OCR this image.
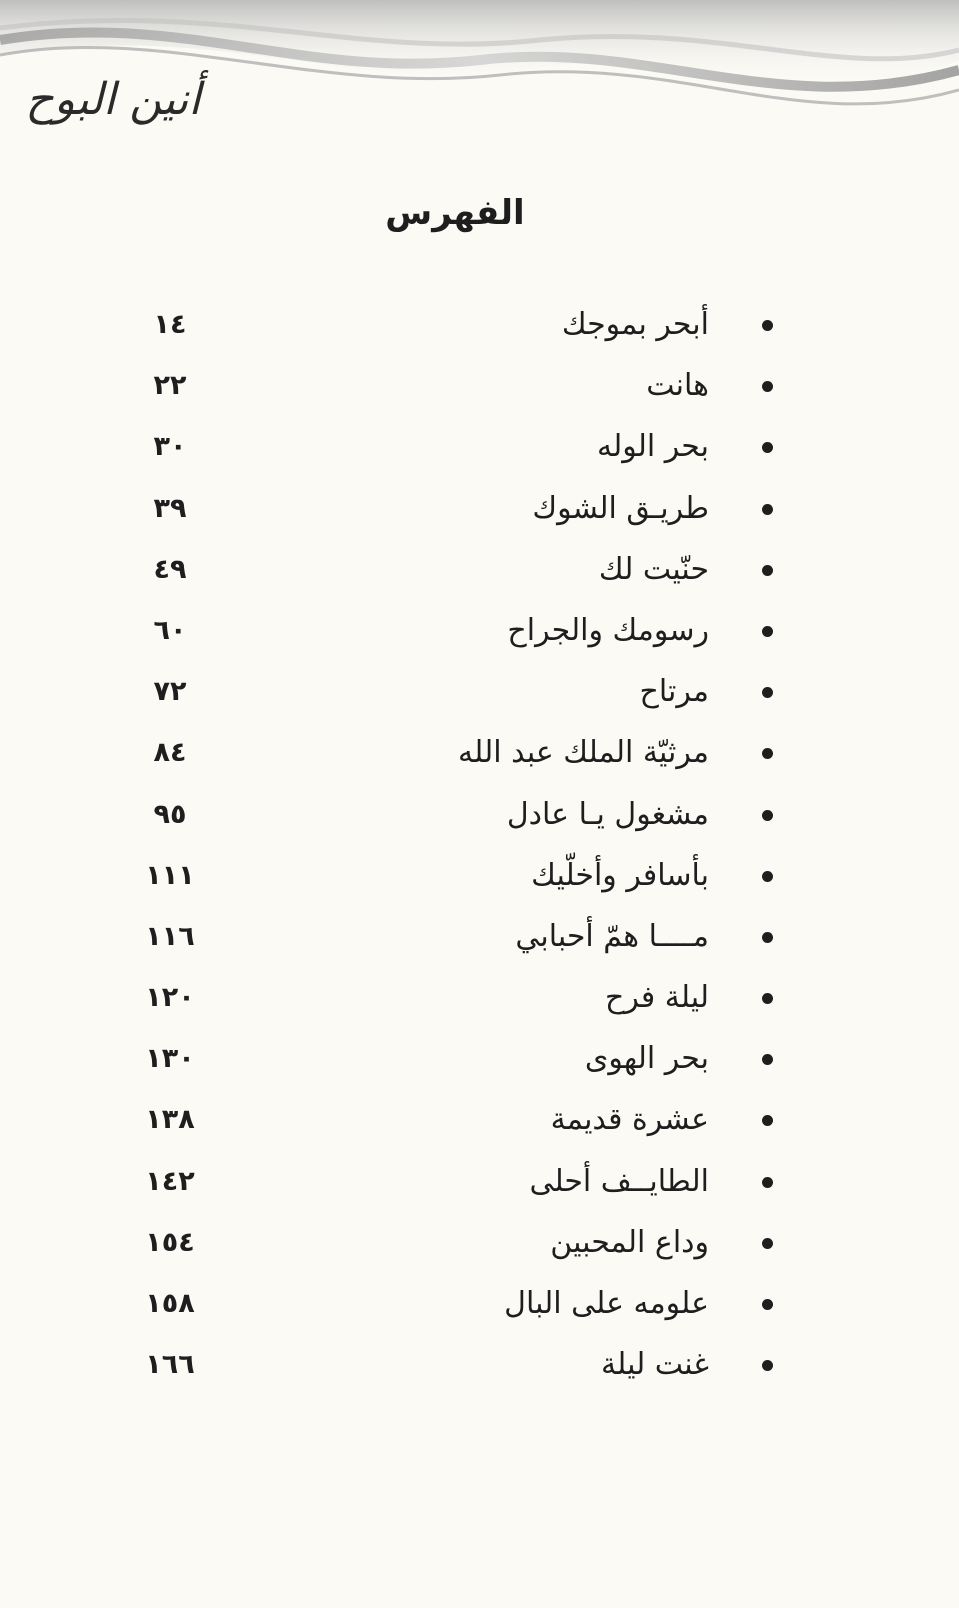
أنين البوح
الفهرس
١٤	أبحر بموجك
٢٢	هانت
٣٠	بحر الوله
٣٩	طريـق الشوك
٤٩	حنّيت لك
٦٠	رسومك والجراح
٧٢	مرتاح
٨٤	مرثيّة الملك عبد الله
٩٥	مشغول يـا عادل
١١١	بأسافر وأخلّيك
١١٦	مــــا همّ أحبابي
١٢٠	ليلة فرح
١٣٠	بحر الهوى
١٣٨	عشرة قديمة
١٤٢	الطايــف أحلى
١٥٤	وداع المحبين
١٥٨	علومه على البال
١٦٦	غنت ليلة
